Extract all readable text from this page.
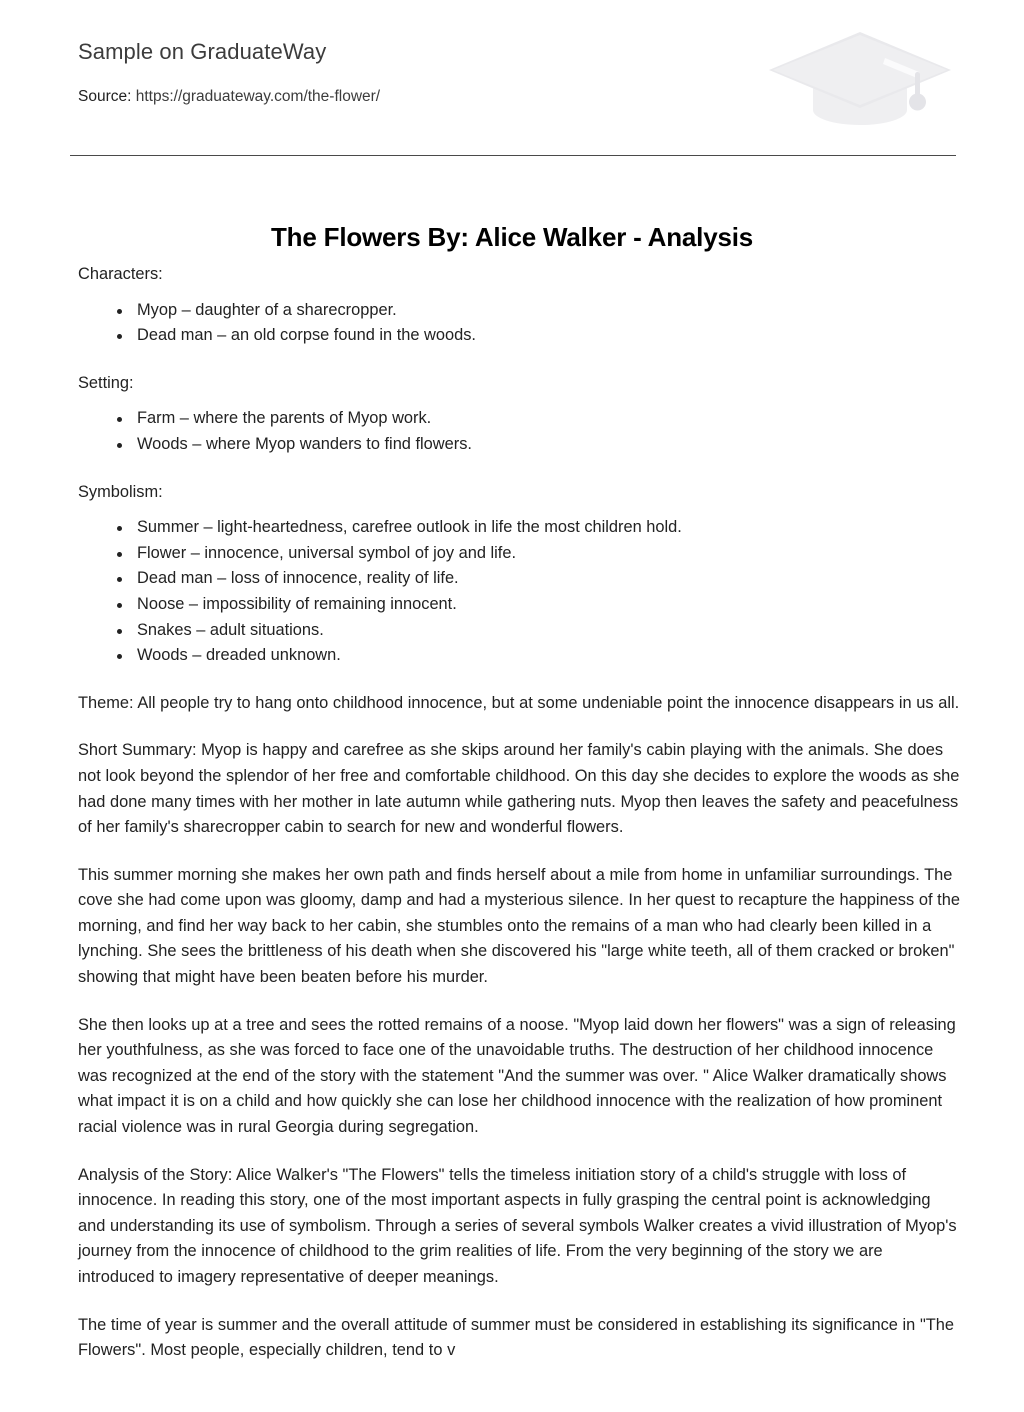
Sample on GraduateWay
Source: https://graduateway.com/the-flower/
The Flowers By: Alice Walker - Analysis

Characters:

Myop – daughter of a sharecropper.
Dead man – an old corpse found in the woods.

Setting:

Farm – where the parents of Myop work.
Woods – where Myop wanders to find flowers.

Symbolism:

Summer – light-heartedness, carefree outlook in life the most children hold.
Flower – innocence, universal symbol of joy and life.
Dead man – loss of innocence, reality of life.
Noose – impossibility of remaining innocent.
Snakes – adult situations.
Woods – dreaded unknown.

Theme: All people try to hang onto childhood innocence, but at some undeniable point the innocence disappears in us all.

Short Summary: Myop is happy and carefree as she skips around her family's cabin playing with the animals. She does not look beyond the splendor of her free and comfortable childhood. On this day she decides to explore the woods as she had done many times with her mother in late autumn while gathering nuts. Myop then leaves the safety and peacefulness of her family's sharecropper cabin to search for new and wonderful flowers.

This summer morning she makes her own path and finds herself about a mile from home in unfamiliar surroundings. The cove she had come upon was gloomy, damp and had a mysterious silence. In her quest to recapture the happiness of the morning, and find her way back to her cabin, she stumbles onto the remains of a man who had clearly been killed in a lynching. She sees the brittleness of his death when she discovered his "large white teeth, all of them cracked or broken" showing that might have been beaten before his murder.

She then looks up at a tree and sees the rotted remains of a noose. "Myop laid down her flowers" was a sign of releasing her youthfulness, as she was forced to face one of the unavoidable truths. The destruction of her childhood innocence was recognized at the end of the story with the statement "And the summer was over. " Alice Walker dramatically shows what impact it is on a child and how quickly she can lose her childhood innocence with the realization of how prominent racial violence was in rural Georgia during segregation.

Analysis of the Story: Alice Walker's "The Flowers" tells the timeless initiation story of a child's struggle with loss of innocence. In reading this story, one of the most important aspects in fully grasping the central point is acknowledging and understanding its use of symbolism. Through a series of several symbols Walker creates a vivid illustration of Myop's journey from the innocence of childhood to the grim realities of life. From the very beginning of the story we are introduced to imagery representative of deeper meanings.

The time of year is summer and the overall attitude of summer must be considered in establishing its significance in "The Flowers". Most people, especially children, tend to v
